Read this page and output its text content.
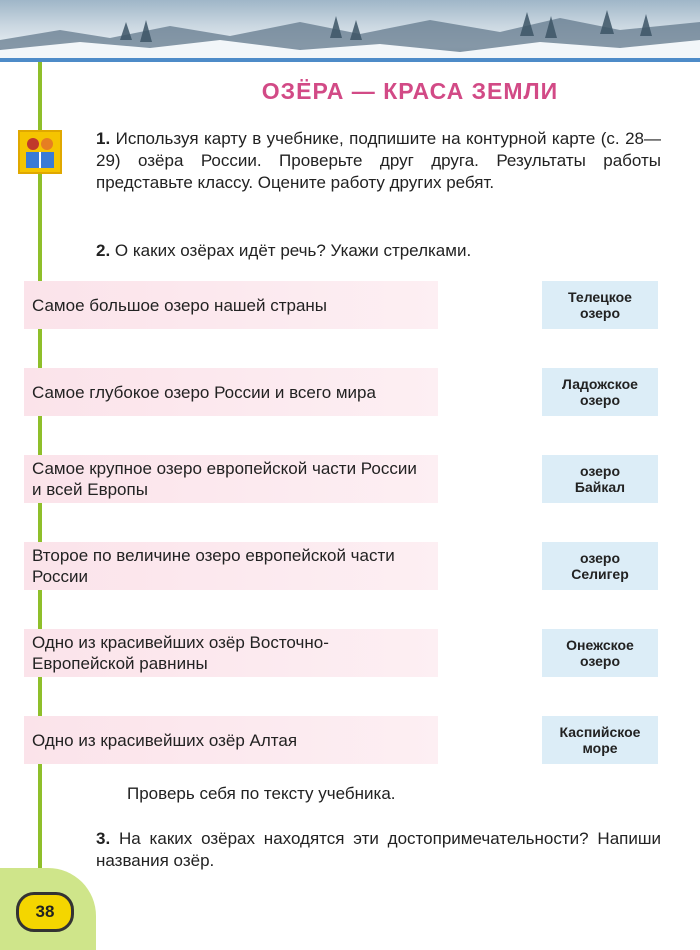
ОЗЁРА — КРАСА ЗЕМЛИ
1. Используя карту в учебнике, подпишите на контурной карте (с. 28—29) озёра России. Проверьте друг друга. Результаты работы представьте классу. Оцените работу других ребят.
2. О каких озёрах идёт речь? Укажи стрелками.
Самое большое озеро нашей страны
Самое глубокое озеро России и всего мира
Самое крупное озеро европейской части России и всей Европы
Второе по величине озеро европейской части России
Одно из красивейших озёр Восточно-Европейской равнины
Одно из красивейших озёр Алтая
Телецкое
озеро
Ладожское
озеро
озеро
Байкал
озеро
Селигер
Онежское
озеро
Каспийское
море
Проверь себя по тексту учебника.
3. На каких озёрах находятся эти достопримечательности? Напиши названия озёр.
38
